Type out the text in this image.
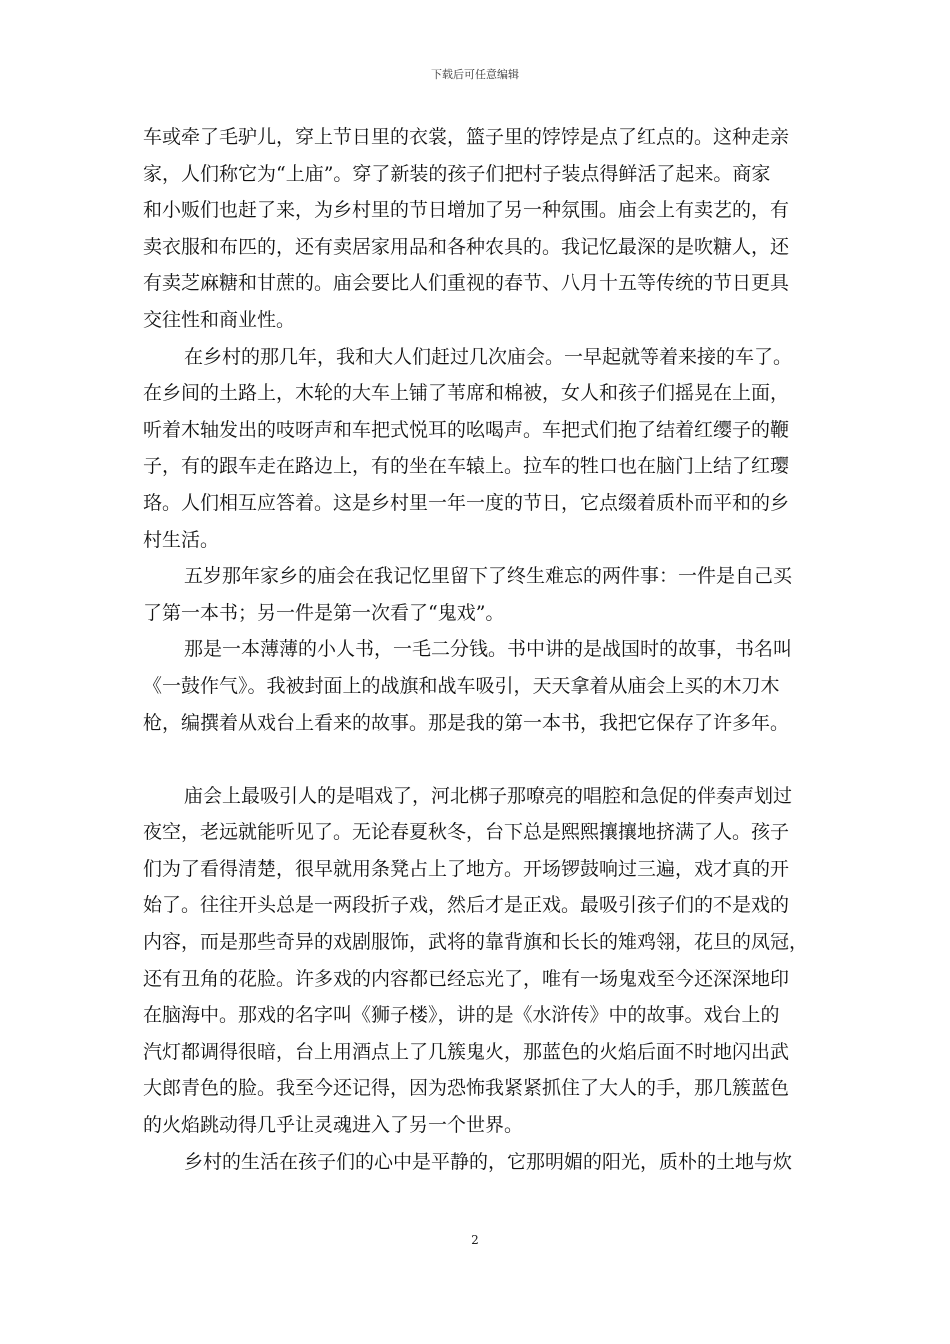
下载后可任意编辑
车或牵了毛驴儿，穿上节日里的衣裳，篮子里的饽饽是点了红点的。这种走亲
家，人们称它为“上庙”。穿了新装的孩子们把村子装点得鲜活了起来。商家
和小贩们也赶了来，为乡村里的节日增加了另一种氛围。庙会上有卖艺的，有
卖衣服和布匹的，还有卖居家用品和各种农具的。我记忆最深的是吹糖人，还
有卖芝麻糖和甘蔗的。庙会要比人们重视的春节、八月十五等传统的节日更具
交往性和商业性。
在乡村的那几年，我和大人们赶过几次庙会。一早起就等着来接的车了。
在乡间的土路上，木轮的大车上铺了苇席和棉被，女人和孩子们摇晃在上面，
听着木轴发出的吱呀声和车把式悦耳的吆喝声。车把式们抱了结着红缨子的鞭
子，有的跟车走在路边上，有的坐在车辕上。拉车的牲口也在脑门上结了红璎
珞。人们相互应答着。这是乡村里一年一度的节日，它点缀着质朴而平和的乡
村生活。
五岁那年家乡的庙会在我记忆里留下了终生难忘的两件事：一件是自己买
了第一本书；另一件是第一次看了“鬼戏”。
那是一本薄薄的小人书，一毛二分钱。书中讲的是战国时的故事，书名叫
《一鼓作气》。我被封面上的战旗和战车吸引，天天拿着从庙会上买的木刀木
枪，编撰着从戏台上看来的故事。那是我的第一本书，我把它保存了许多年。
庙会上最吸引人的是唱戏了，河北梆子那嘹亮的唱腔和急促的伴奏声划过
夜空，老远就能听见了。无论春夏秋冬，台下总是熙熙攘攘地挤满了人。孩子
们为了看得清楚，很早就用条凳占上了地方。开场锣鼓响过三遍，戏才真的开
始了。往往开头总是一两段折子戏，然后才是正戏。最吸引孩子们的不是戏的
内容，而是那些奇异的戏剧服饰，武将的靠背旗和长长的雉鸡翎，花旦的凤冠，
还有丑角的花脸。许多戏的内容都已经忘光了，唯有一场鬼戏至今还深深地印
在脑海中。那戏的名字叫《狮子楼》，讲的是《水浒传》中的故事。戏台上的
汽灯都调得很暗，台上用酒点上了几簇鬼火，那蓝色的火焰后面不时地闪出武
大郎青色的脸。我至今还记得，因为恐怖我紧紧抓住了大人的手，那几簇蓝色
的火焰跳动得几乎让灵魂进入了另一个世界。
乡村的生活在孩子们的心中是平静的，它那明媚的阳光，质朴的土地与炊
2
